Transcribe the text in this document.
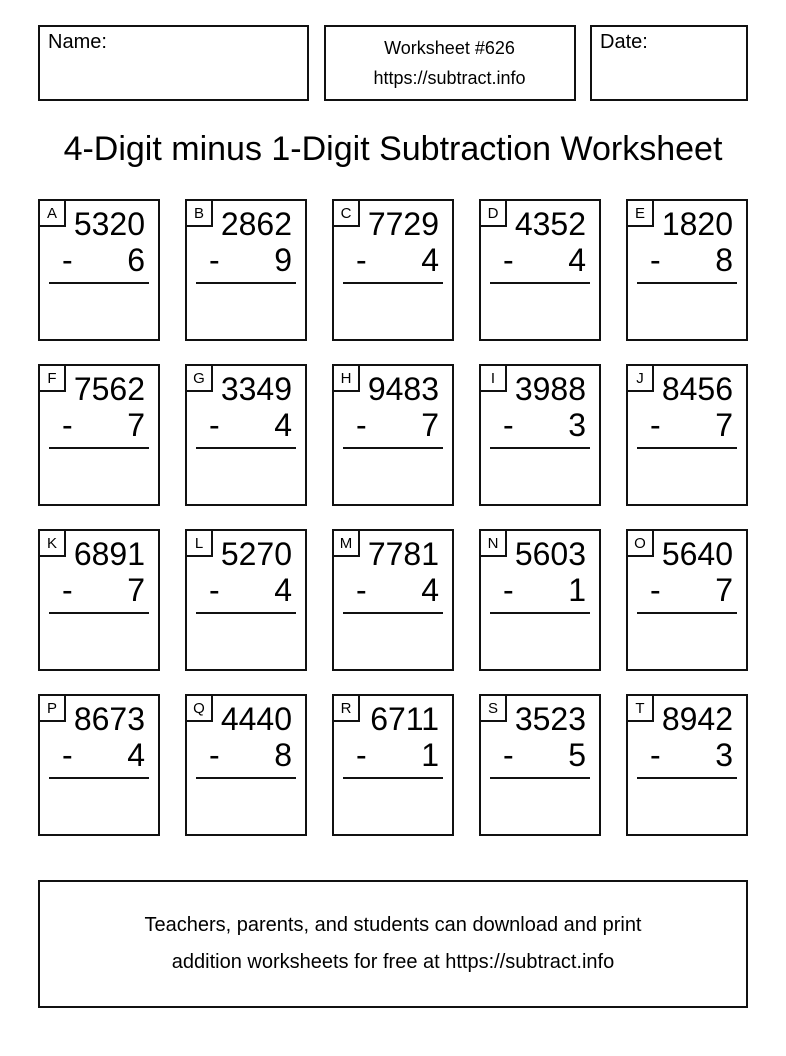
Name:	Worksheet #626
https://subtract.info
Date:
4-Digit minus 1-Digit Subtraction Worksheet
A 5320
- 6
B 2862
- 9
C 7729
- 4
D 4352
- 4
E 1820
- 8
F 7562
- 7
G 3349
- 4
H 9483
- 7
I 3988
- 3
J 8456
- 7
K 6891
- 7
L 5270
- 4
M 7781
- 4
N 5603
- 1
O 5640
- 7
P 8673
- 4
Q 4440
- 8
R 6711
- 1
S 3523
- 5
T 8942
- 3
Teachers, parents, and students can download and print
addition worksheets for free at https://subtract.info
